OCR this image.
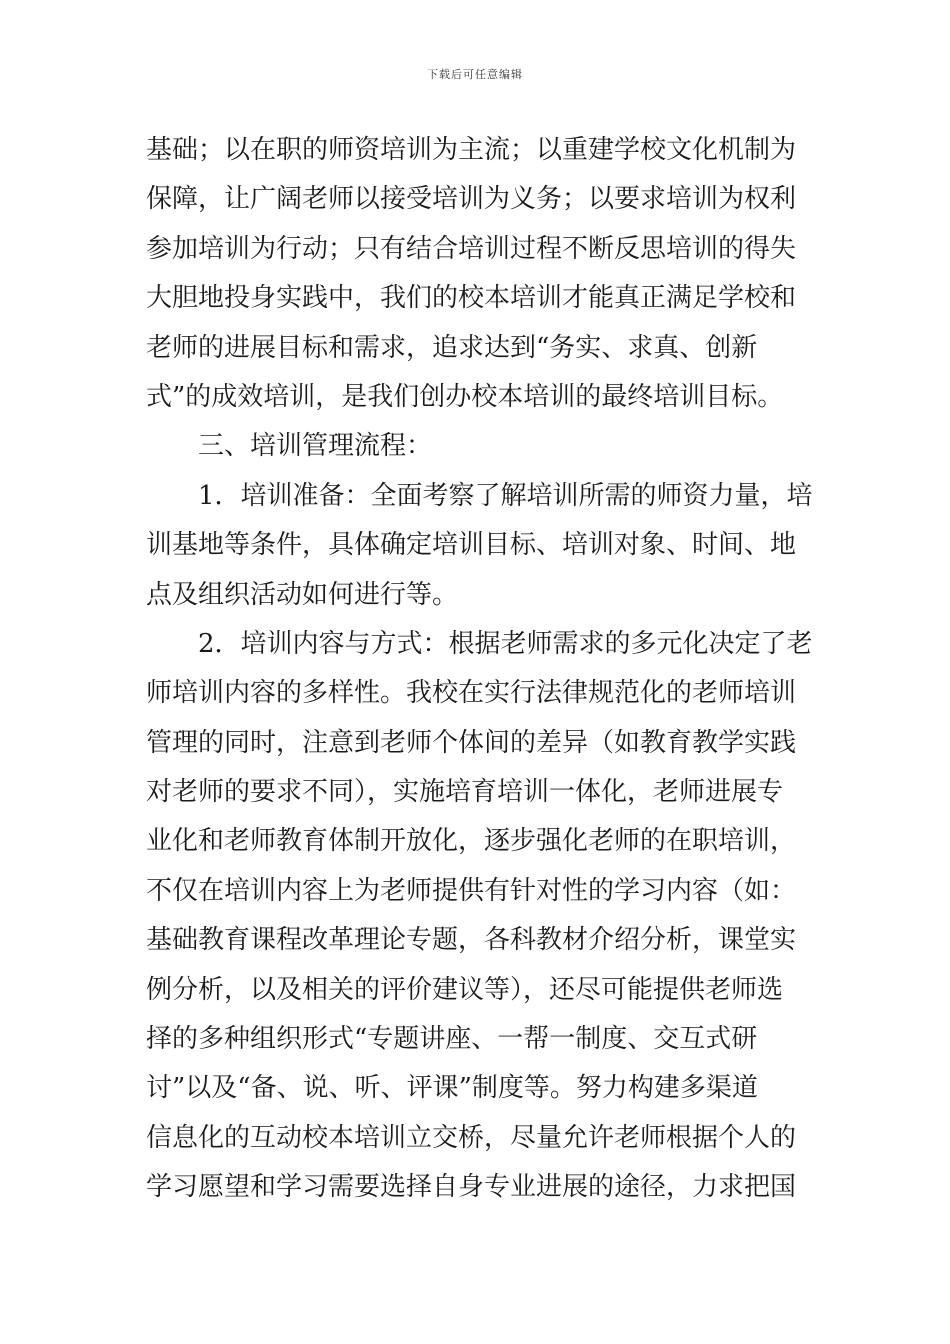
下载后可任意编辑
基础；以在职的师资培训为主流；以重建学校文化机制为
保障，让广阔老师以接受培训为义务；以要求培训为权利
参加培训为行动；只有结合培训过程不断反思培训的得失
大胆地投身实践中，我们的校本培训才能真正满足学校和
老师的进展目标和需求，追求达到“务实、求真、创新
式”的成效培训，是我们创办校本培训的最终培训目标。
三、培训管理流程：
1．培训准备：全面考察了解培训所需的师资力量，培
训基地等条件，具体确定培训目标、培训对象、时间、地
点及组织活动如何进行等。
2．培训内容与方式：根据老师需求的多元化决定了老
师培训内容的多样性。我校在实行法律规范化的老师培训
管理的同时，注意到老师个体间的差异（如教育教学实践
对老师的要求不同），实施培育培训一体化，老师进展专
业化和老师教育体制开放化，逐步强化老师的在职培训，
不仅在培训内容上为老师提供有针对性的学习内容（如：
基础教育课程改革理论专题，各科教材介绍分析，课堂实
例分析，以及相关的评价建议等），还尽可能提供老师选
择的多种组织形式“专题讲座、一帮一制度、交互式研
讨”以及“备、说、听、评课”制度等。努力构建多渠道
信息化的互动校本培训立交桥，尽量允许老师根据个人的
学习愿望和学习需要选择自身专业进展的途径，力求把国
